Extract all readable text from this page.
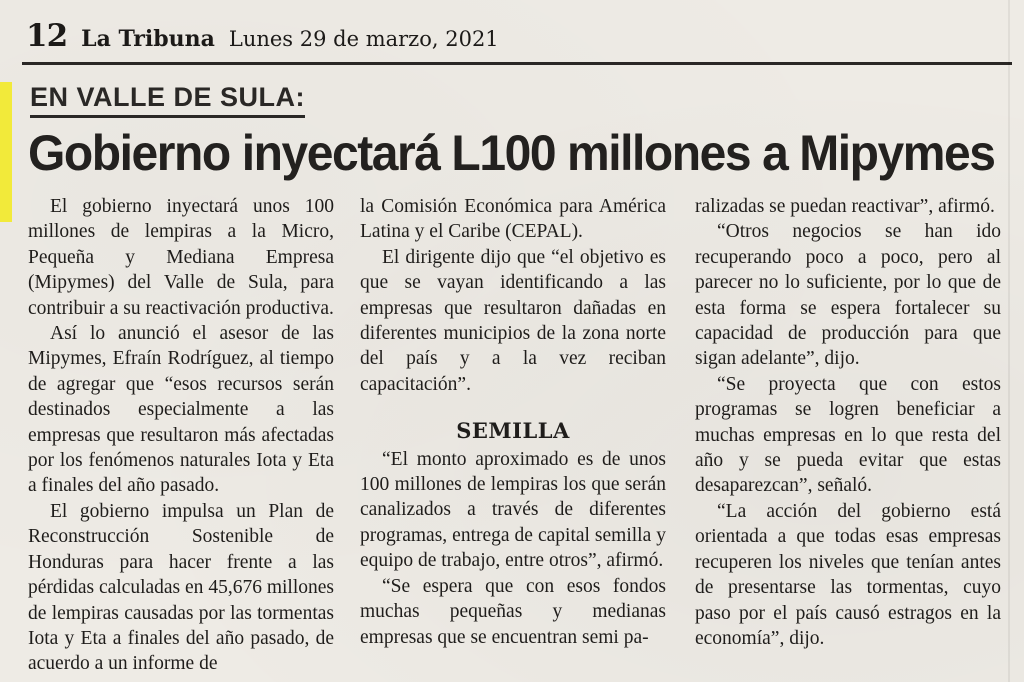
12 La Tribuna Lunes 29 de marzo, 2021
EN VALLE DE SULA:
Gobierno inyectará L100 millones a Mipymes

El gobierno inyectará unos 100 millones de lempiras a la Micro, Pequeña y Mediana Empresa (Mipymes) del Valle de Sula, para contribuir a su reactivación productiva.

Así lo anunció el asesor de las Mipymes, Efraín Rodríguez, al tiempo de agregar que “esos recursos serán destinados especialmente a las empresas que resultaron más afectadas por los fenómenos naturales Iota y Eta a finales del año pasado.

El gobierno impulsa un Plan de Reconstrucción Sostenible de Honduras para hacer frente a las pérdidas calculadas en 45,676 millones de lempiras causadas por las tormentas Iota y Eta a finales del año pasado, de acuerdo a un informe de

la Comisión Económica para América Latina y el Caribe (CEPAL).

El dirigente dijo que “el objetivo es que se vayan identificando a las empresas que resultaron dañadas en diferentes municipios de la zona norte del país y a la vez reciban capacitación”.

SEMILLA

“El monto aproximado es de unos 100 millones de lempiras los que serán canalizados a través de diferentes programas, entrega de capital semilla y equipo de trabajo, entre otros”, afirmó.

“Se espera que con esos fondos muchas pequeñas y medianas empresas que se encuentran semi pa-

ralizadas se puedan reactivar”, afirmó.

“Otros negocios se han ido recuperando poco a poco, pero al parecer no lo suficiente, por lo que de esta forma se espera fortalecer su capacidad de producción para que sigan adelante”, dijo.

“Se proyecta que con estos programas se logren beneficiar a muchas empresas en lo que resta del año y se pueda evitar que estas desaparezcan”, señaló.

“La acción del gobierno está orientada a que todas esas empresas recuperen los niveles que tenían antes de presentarse las tormentas, cuyo paso por el país causó estragos en la economía”, dijo.
